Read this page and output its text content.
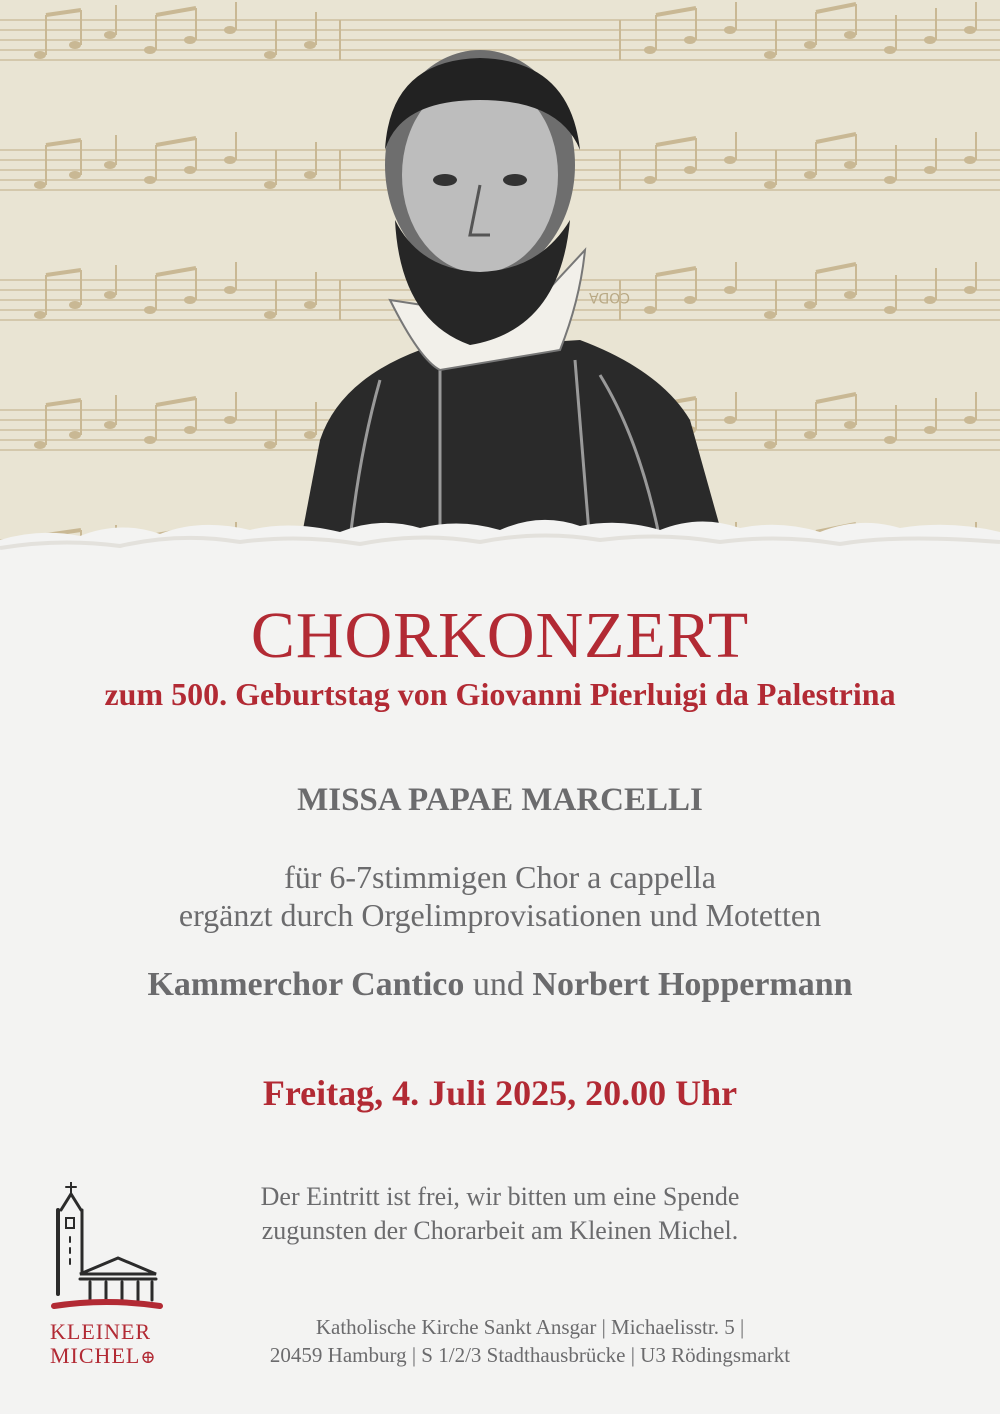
CODA
CHORKONZERT
zum 500. Geburtstag von Giovanni Pierluigi da Palestrina
MISSA PAPAE MARCELLI
für 6-7stimmigen Chor a cappella
ergänzt durch Orgelimprovisationen und Motetten
Kammerchor Cantico und Norbert Hoppermann
Freitag, 4. Juli 2025, 20.00 Uhr
Der Eintritt ist frei, wir bitten um eine Spende
zugunsten der Chorarbeit am Kleinen Michel.
KLEINER
MICHEL⊕
Katholische Kirche Sankt Ansgar | Michaelisstr. 5 |
20459 Hamburg | S 1/2/3 Stadthausbrücke | U3 Rödingsmarkt
